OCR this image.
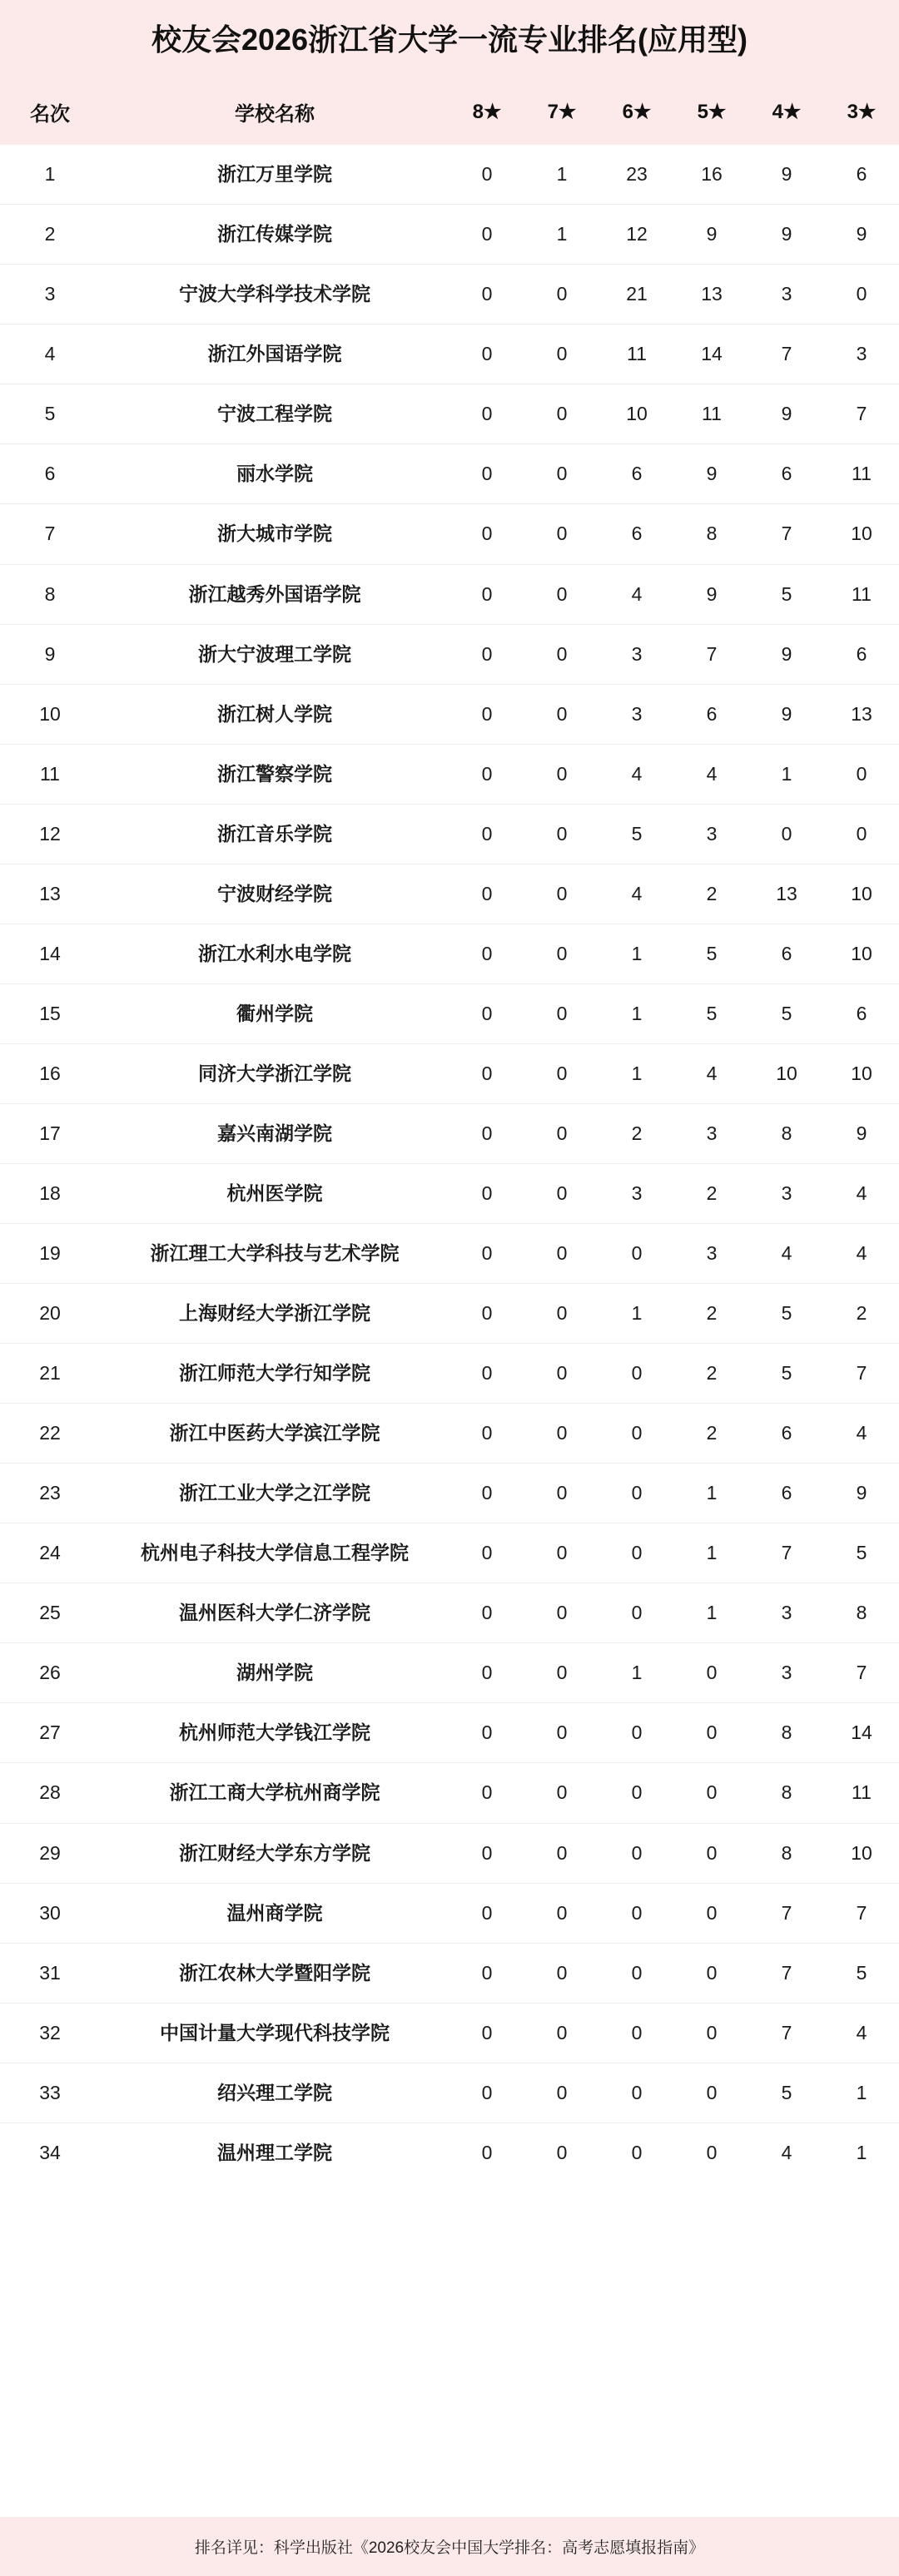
校友会2026浙江省大学一流专业排名(应用型)
名次	学校名称	8★	7★	6★	5★	4★	3★
1	浙江万里学院	0	1	23	16	9	6
2	浙江传媒学院	0	1	12	9	9	9
3	宁波大学科学技术学院	0	0	21	13	3	0
4	浙江外国语学院	0	0	11	14	7	3
5	宁波工程学院	0	0	10	11	9	7
6	丽水学院	0	0	6	9	6	11
7	浙大城市学院	0	0	6	8	7	10
8	浙江越秀外国语学院	0	0	4	9	5	11
9	浙大宁波理工学院	0	0	3	7	9	6
10	浙江树人学院	0	0	3	6	9	13
11	浙江警察学院	0	0	4	4	1	0
12	浙江音乐学院	0	0	5	3	0	0
13	宁波财经学院	0	0	4	2	13	10
14	浙江水利水电学院	0	0	1	5	6	10
15	衢州学院	0	0	1	5	5	6
16	同济大学浙江学院	0	0	1	4	10	10
17	嘉兴南湖学院	0	0	2	3	8	9
18	杭州医学院	0	0	3	2	3	4
19	浙江理工大学科技与艺术学院	0	0	0	3	4	4
20	上海财经大学浙江学院	0	0	1	2	5	2
21	浙江师范大学行知学院	0	0	0	2	5	7
22	浙江中医药大学滨江学院	0	0	0	2	6	4
23	浙江工业大学之江学院	0	0	0	1	6	9
24	杭州电子科技大学信息工程学院	0	0	0	1	7	5
25	温州医科大学仁济学院	0	0	0	1	3	8
26	湖州学院	0	0	1	0	3	7
27	杭州师范大学钱江学院	0	0	0	0	8	14
28	浙江工商大学杭州商学院	0	0	0	0	8	11
29	浙江财经大学东方学院	0	0	0	0	8	10
30	温州商学院	0	0	0	0	7	7
31	浙江农林大学暨阳学院	0	0	0	0	7	5
32	中国计量大学现代科技学院	0	0	0	0	7	4
33	绍兴理工学院	0	0	0	0	5	1
34	温州理工学院	0	0	0	0	4	1
排名详见：科学出版社《2026校友会中国大学排名：高考志愿填报指南》
